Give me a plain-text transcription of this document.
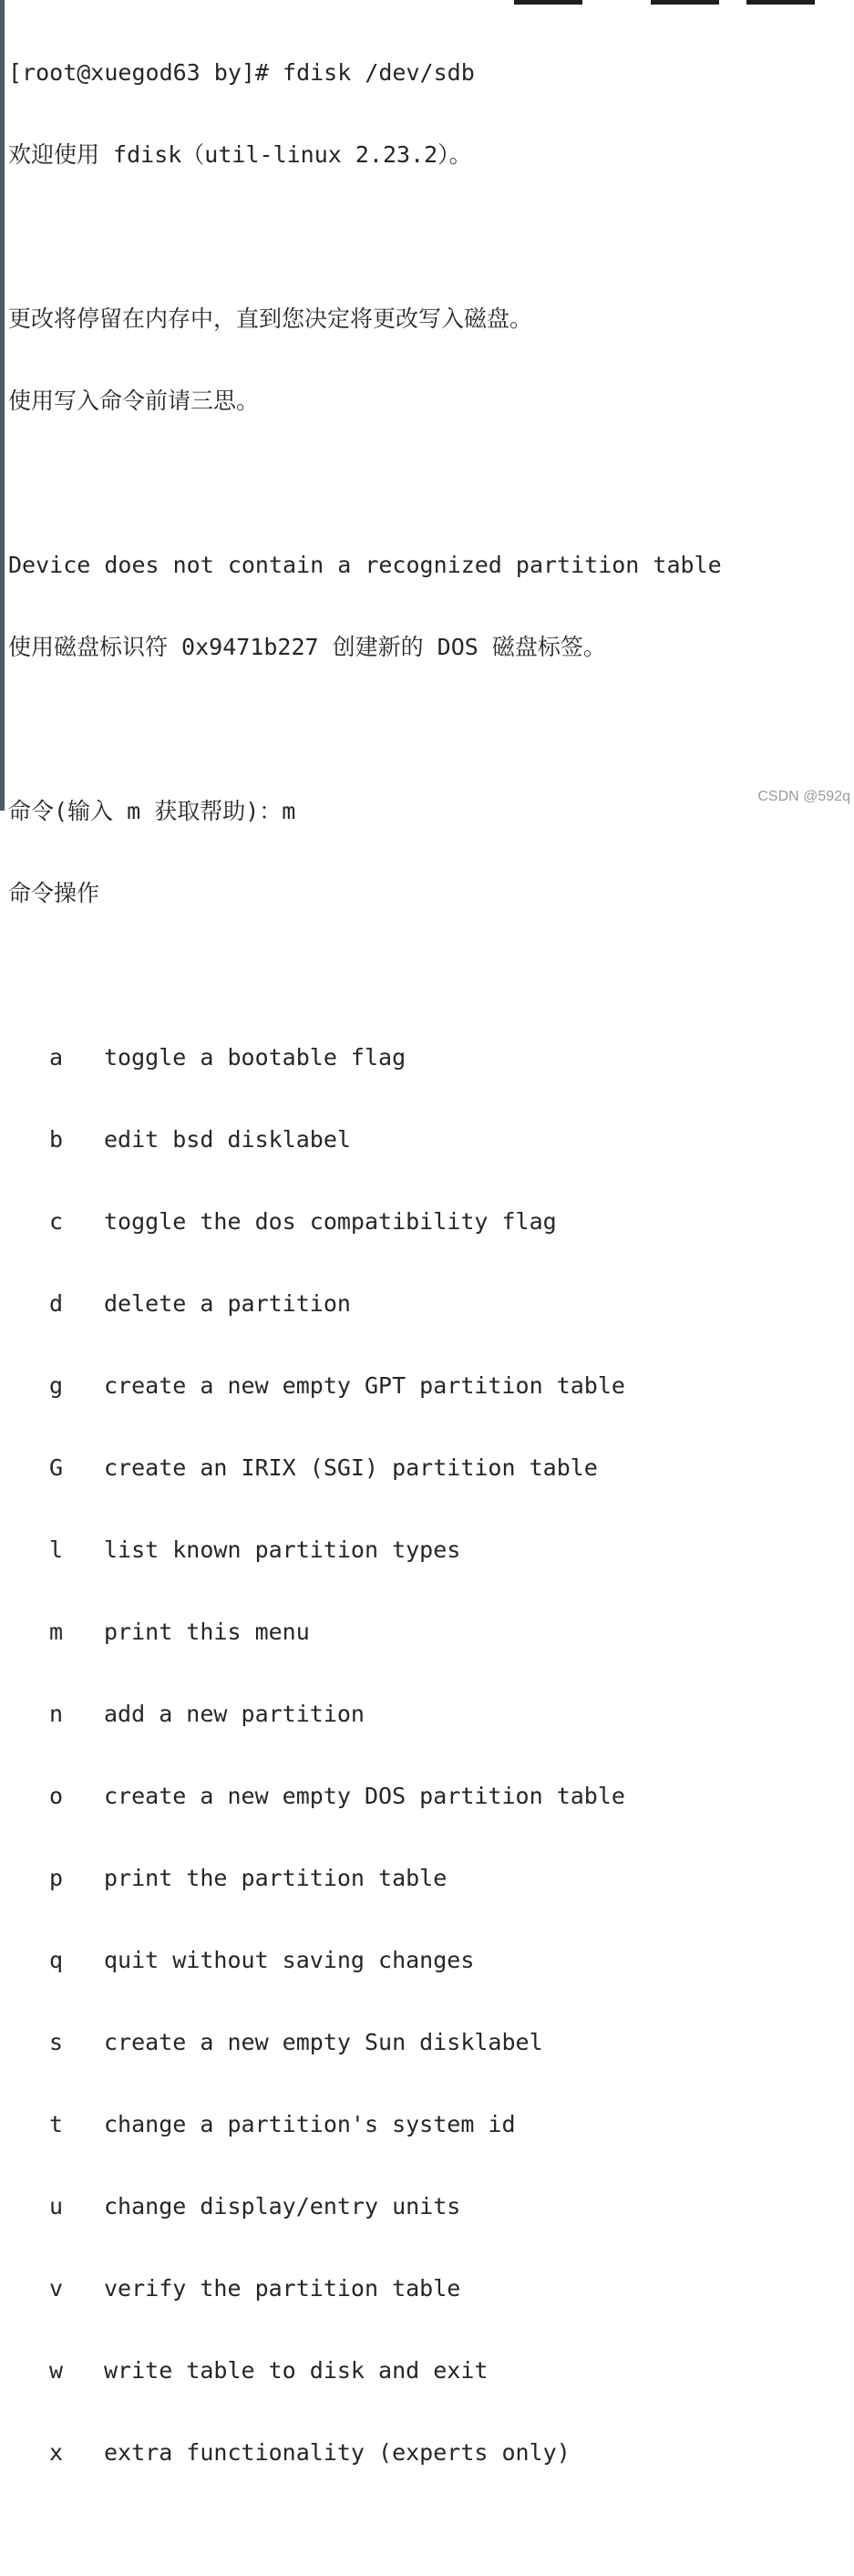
[root@xuegod63 by]# fdisk /dev/sdb

欢迎使用 fdisk（util-linux 2.23.2）。

更改将停留在内存中，直到您决定将更改写入磁盘。

使用写入命令前请三思。

Device does not contain a recognized partition table

使用磁盘标识符 0x9471b227 创建新的 DOS 磁盘标签。

命令(输入 m 获取帮助)：m

命令操作

a toggle a bootable flag

b edit bsd disklabel

c toggle the dos compatibility flag

d delete a partition

g create a new empty GPT partition table

G create an IRIX (SGI) partition table

l list known partition types

m print this menu

n add a new partition

o create a new empty DOS partition table

p print the partition table

q quit without saving changes

s create a new empty Sun disklabel

t change a partition's system id

u change display/entry units

v verify the partition table

w write table to disk and exit

x extra functionality (experts only)

CSDN @592q
